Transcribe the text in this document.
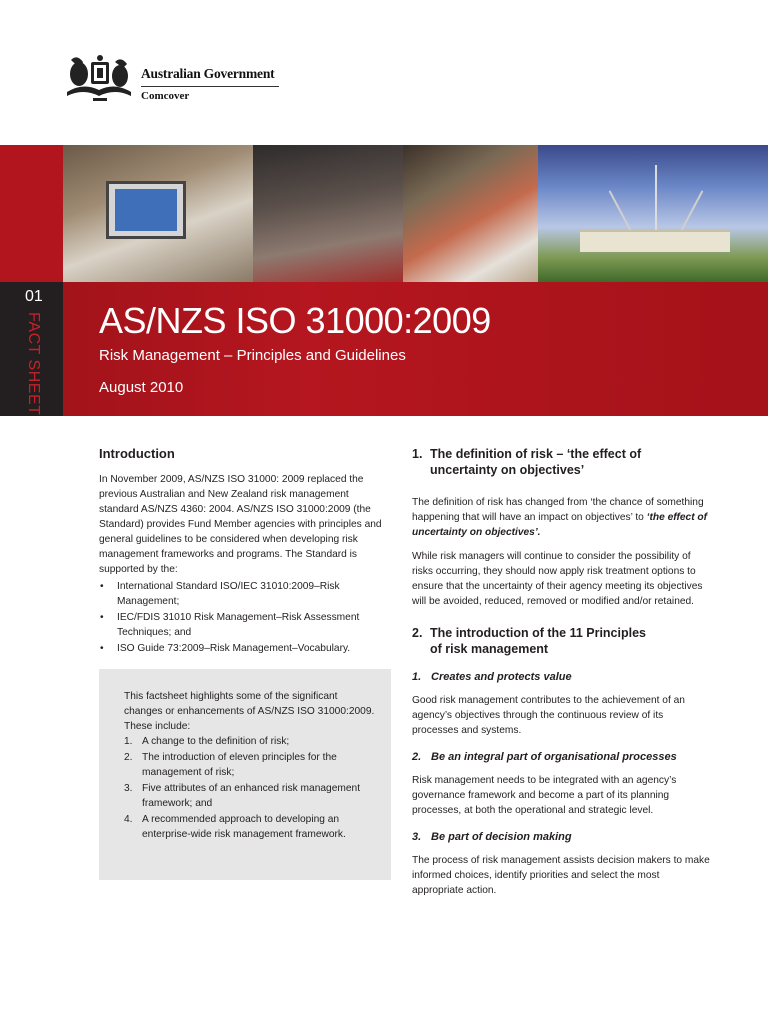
Australian Government
Comcover
01
FACT SHEET AS/NZS ISO 31000:2009
Risk Management – Principles and Guidelines
August 2010
Introduction

In November 2009, AS/NZS ISO 31000: 2009 replaced the previous Australian and New Zealand risk management standard AS/NZS 4360: 2004. AS/NZS ISO 31000:2009 (the Standard) provides Fund Member agencies with principles and general guidelines to be considered when developing risk management frameworks and programs. The Standard is supported by the:

• International Standard ISO/IEC 31010:2009–Risk Management;
• IEC/FDIS 31010 Risk Management–Risk Assessment Techniques; and
• ISO Guide 73:2009–Risk Management–Vocabulary.

This factsheet highlights some of the significant changes or enhancements of AS/NZS ISO 31000:2009. These include:

1. A change to the definition of risk;
2. The introduction of eleven principles for the management of risk;
3. Five attributes of an enhanced risk management framework; and
4. A recommended approach to developing an enterprise-wide risk management framework.
1. The definition of risk – ‘the effect of uncertainty on objectives’

The definition of risk has changed from ‘the chance of something happening that will have an impact on objectives’ to ‘the effect of uncertainty on objectives’.

While risk managers will continue to consider the possibility of risks occurring, they should now apply risk treatment options to ensure that the uncertainty of their agency meeting its objectives will be avoided, reduced, removed or modified and/or retained.

2. The introduction of the 11 Principles of risk management
1. Creates and protects value

Good risk management contributes to the achievement of an agency’s objectives through the continuous review of its processes and systems.

2. Be an integral part of organisational processes

Risk management needs to be integrated with an agency’s governance framework and become a part of its planning processes, at both the operational and strategic level.

3. Be part of decision making

The process of risk management assists decision makers to make informed choices, identify priorities and select the most appropriate action.
